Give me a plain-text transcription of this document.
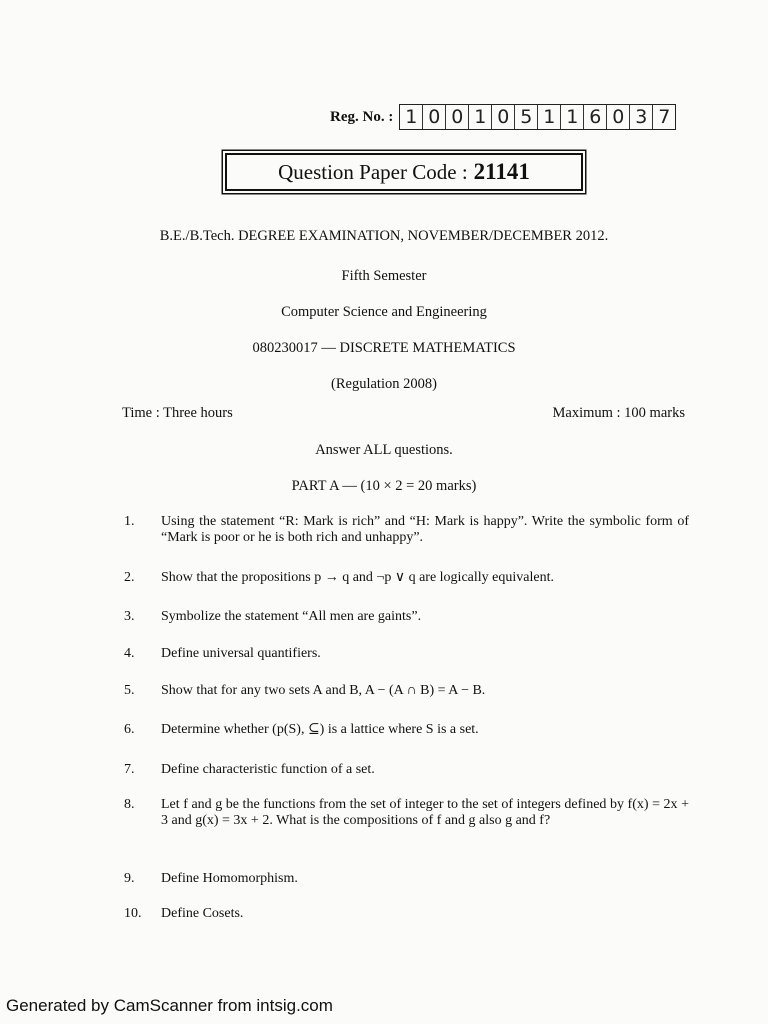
Reg. No. : 1 0 0 1 0 5 1 1 6 0 3 7
Question Paper Code : 21141
B.E./B.Tech. DEGREE EXAMINATION, NOVEMBER/DECEMBER 2012.
Fifth Semester
Computer Science and Engineering
080230017 — DISCRETE MATHEMATICS
(Regulation 2008)
Time : Three hours	Maximum : 100 marks
Answer ALL questions.
PART A — (10 × 2 = 20 marks)
1.	Using the statement “R: Mark is rich” and “H: Mark is happy”. Write the symbolic form of “Mark is poor or he is both rich and unhappy”.
2.	Show that the propositions p → q and ¬p ∨ q are logically equivalent.
3.	Symbolize the statement “All men are gaints”.
4.	Define universal quantifiers.
5.	Show that for any two sets A and B, A − (A ∩ B) = A − B.
6.	Determine whether (p(S), ⊆) is a lattice where S is a set.
7.	Define characteristic function of a set.
8.	Let f and g be the functions from the set of integer to the set of integers defined by f(x) = 2x + 3 and g(x) = 3x + 2. What is the compositions of f and g also g and f?
9.	Define Homomorphism.
10.	Define Cosets.
Generated by CamScanner from intsig.com
